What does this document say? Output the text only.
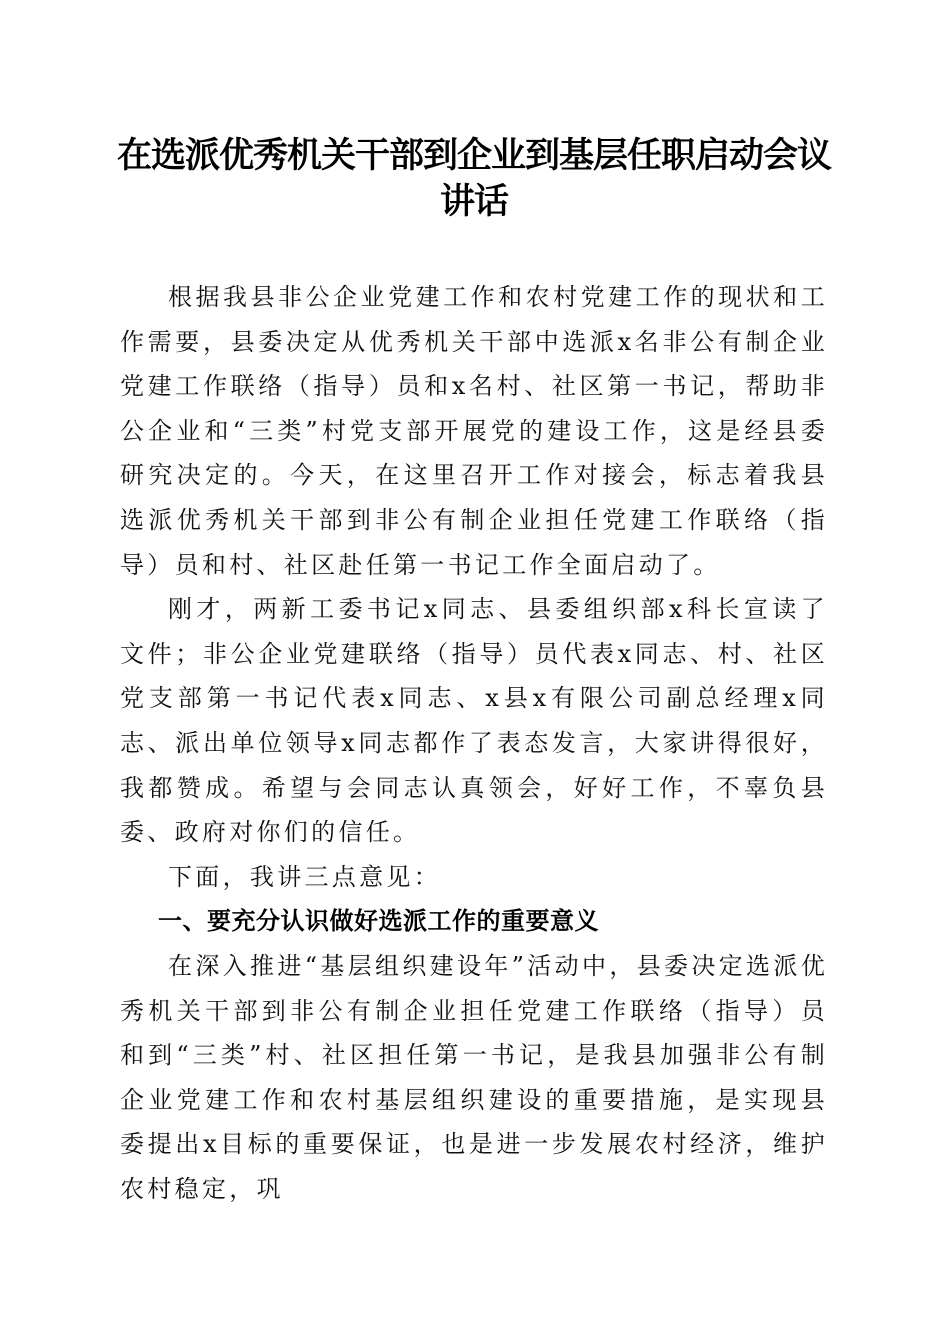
在选派优秀机关干部到企业到基层任职启动会议讲话

根据我县非公企业党建工作和农村党建工作的现状和工作需要，县委决定从优秀机关干部中选派x名非公有制企业党建工作联络（指导）员和x名村、社区第一书记，帮助非公企业和“三类”村党支部开展党的建设工作，这是经县委研究决定的。今天，在这里召开工作对接会，标志着我县选派优秀机关干部到非公有制企业担任党建工作联络（指导）员和村、社区赴任第一书记工作全面启动了。

刚才，两新工委书记x同志、县委组织部x科长宣读了文件；非公企业党建联络（指导）员代表x同志、村、社区党支部第一书记代表x同志、x县x有限公司副总经理x同志、派出单位领导x同志都作了表态发言，大家讲得很好，我都赞成。希望与会同志认真领会，好好工作，不辜负县委、政府对你们的信任。

下面，我讲三点意见：

一、要充分认识做好选派工作的重要意义

在深入推进“基层组织建设年”活动中，县委决定选派优秀机关干部到非公有制企业担任党建工作联络（指导）员和到“三类”村、社区担任第一书记，是我县加强非公有制企业党建工作和农村基层组织建设的重要措施，是实现县委提出x目标的重要保证，也是进一步发展农村经济，维护农村稳定，巩
